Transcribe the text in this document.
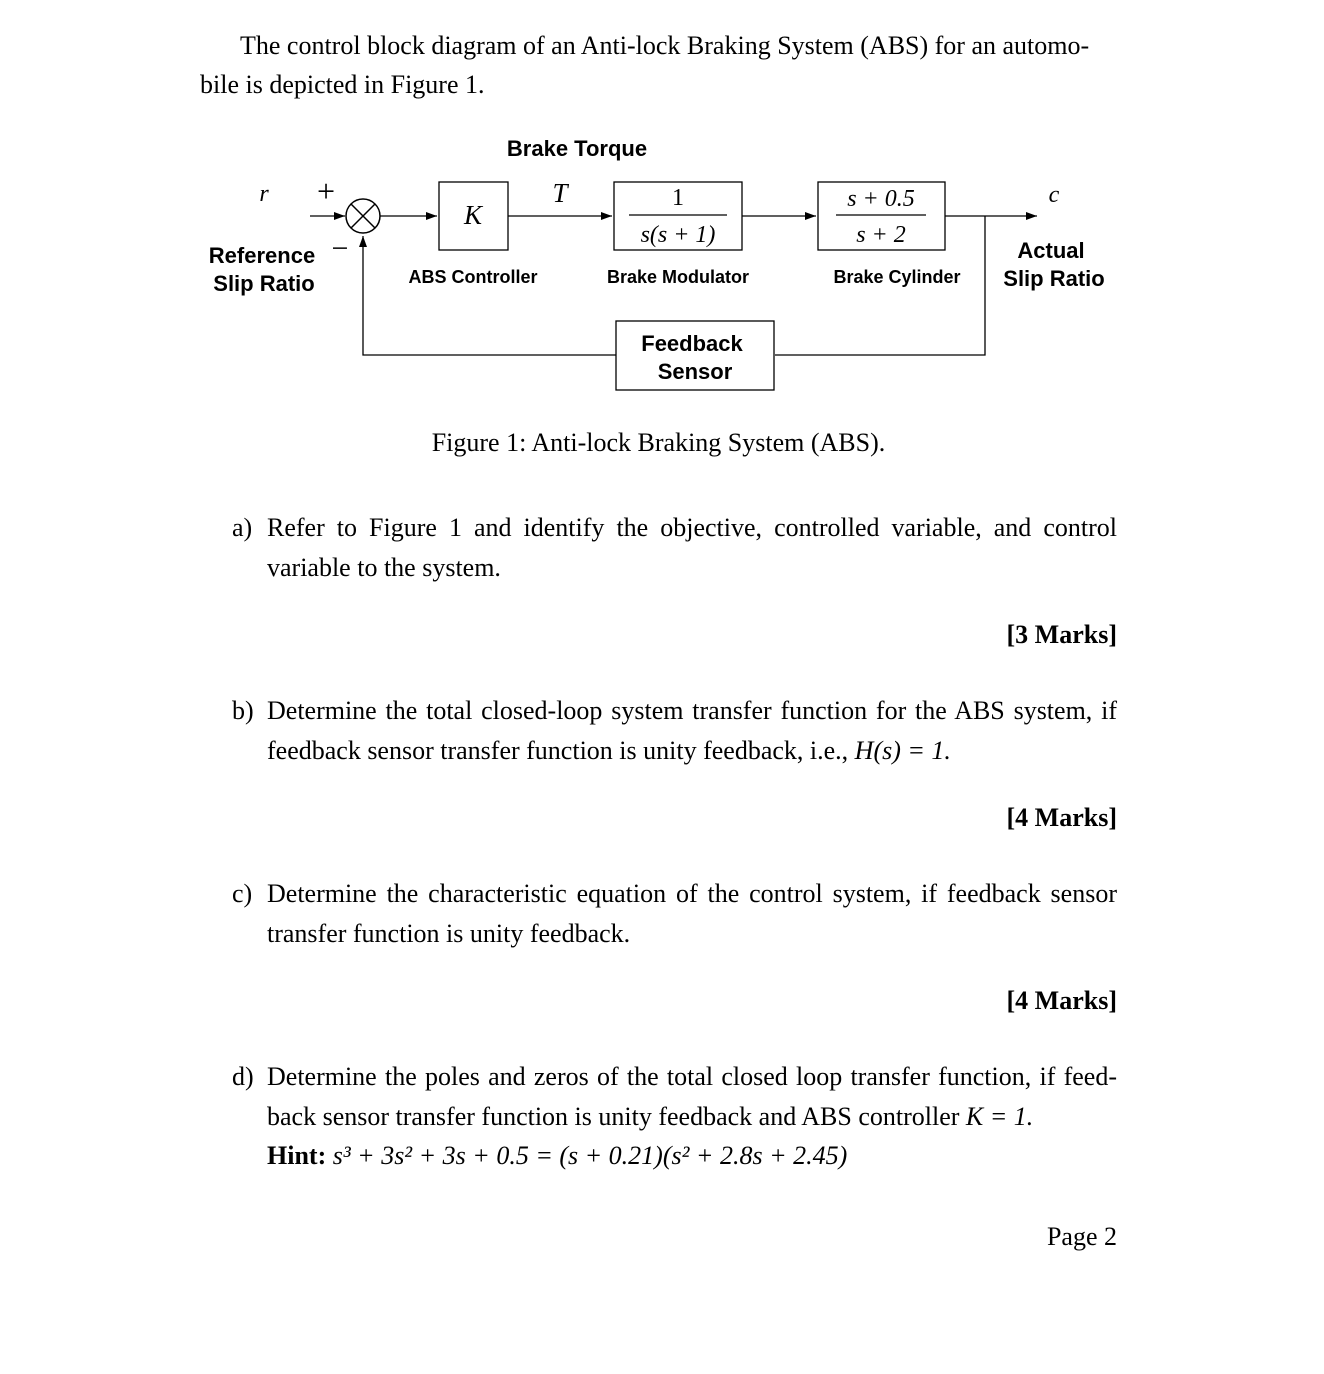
The control block diagram of an Anti-lock Braking System (ABS) for an automo-
bile is depicted in Figure 1.
Brake Torque
r +
−
Reference
Slip Ratio
K
ABS Controller
T	1
s(s + 1)
Brake Modulator
s + 0.5
s + 2
Brake Cylinder
c
Actual
Slip Ratio
Feedback
Sensor
Figure 1: Anti-lock Braking System (ABS).
a) Refer to Figure 1 and identify the objective, controlled variable, and control variable to the system.
[3 Marks]
b) Determine the total closed-loop system transfer function for the ABS system, if feedback sensor transfer function is unity feedback, i.e., H(s) = 1.
[4 Marks]
c) Determine the characteristic equation of the control system, if feedback sensor transfer function is unity feedback.
[4 Marks]
d) Determine the poles and zeros of the total closed loop transfer function, if feed-back sensor transfer function is unity feedback and ABS controller K = 1.
Hint: s³ + 3s² + 3s + 0.5 = (s + 0.21)(s² + 2.8s + 2.45)
Page 2
